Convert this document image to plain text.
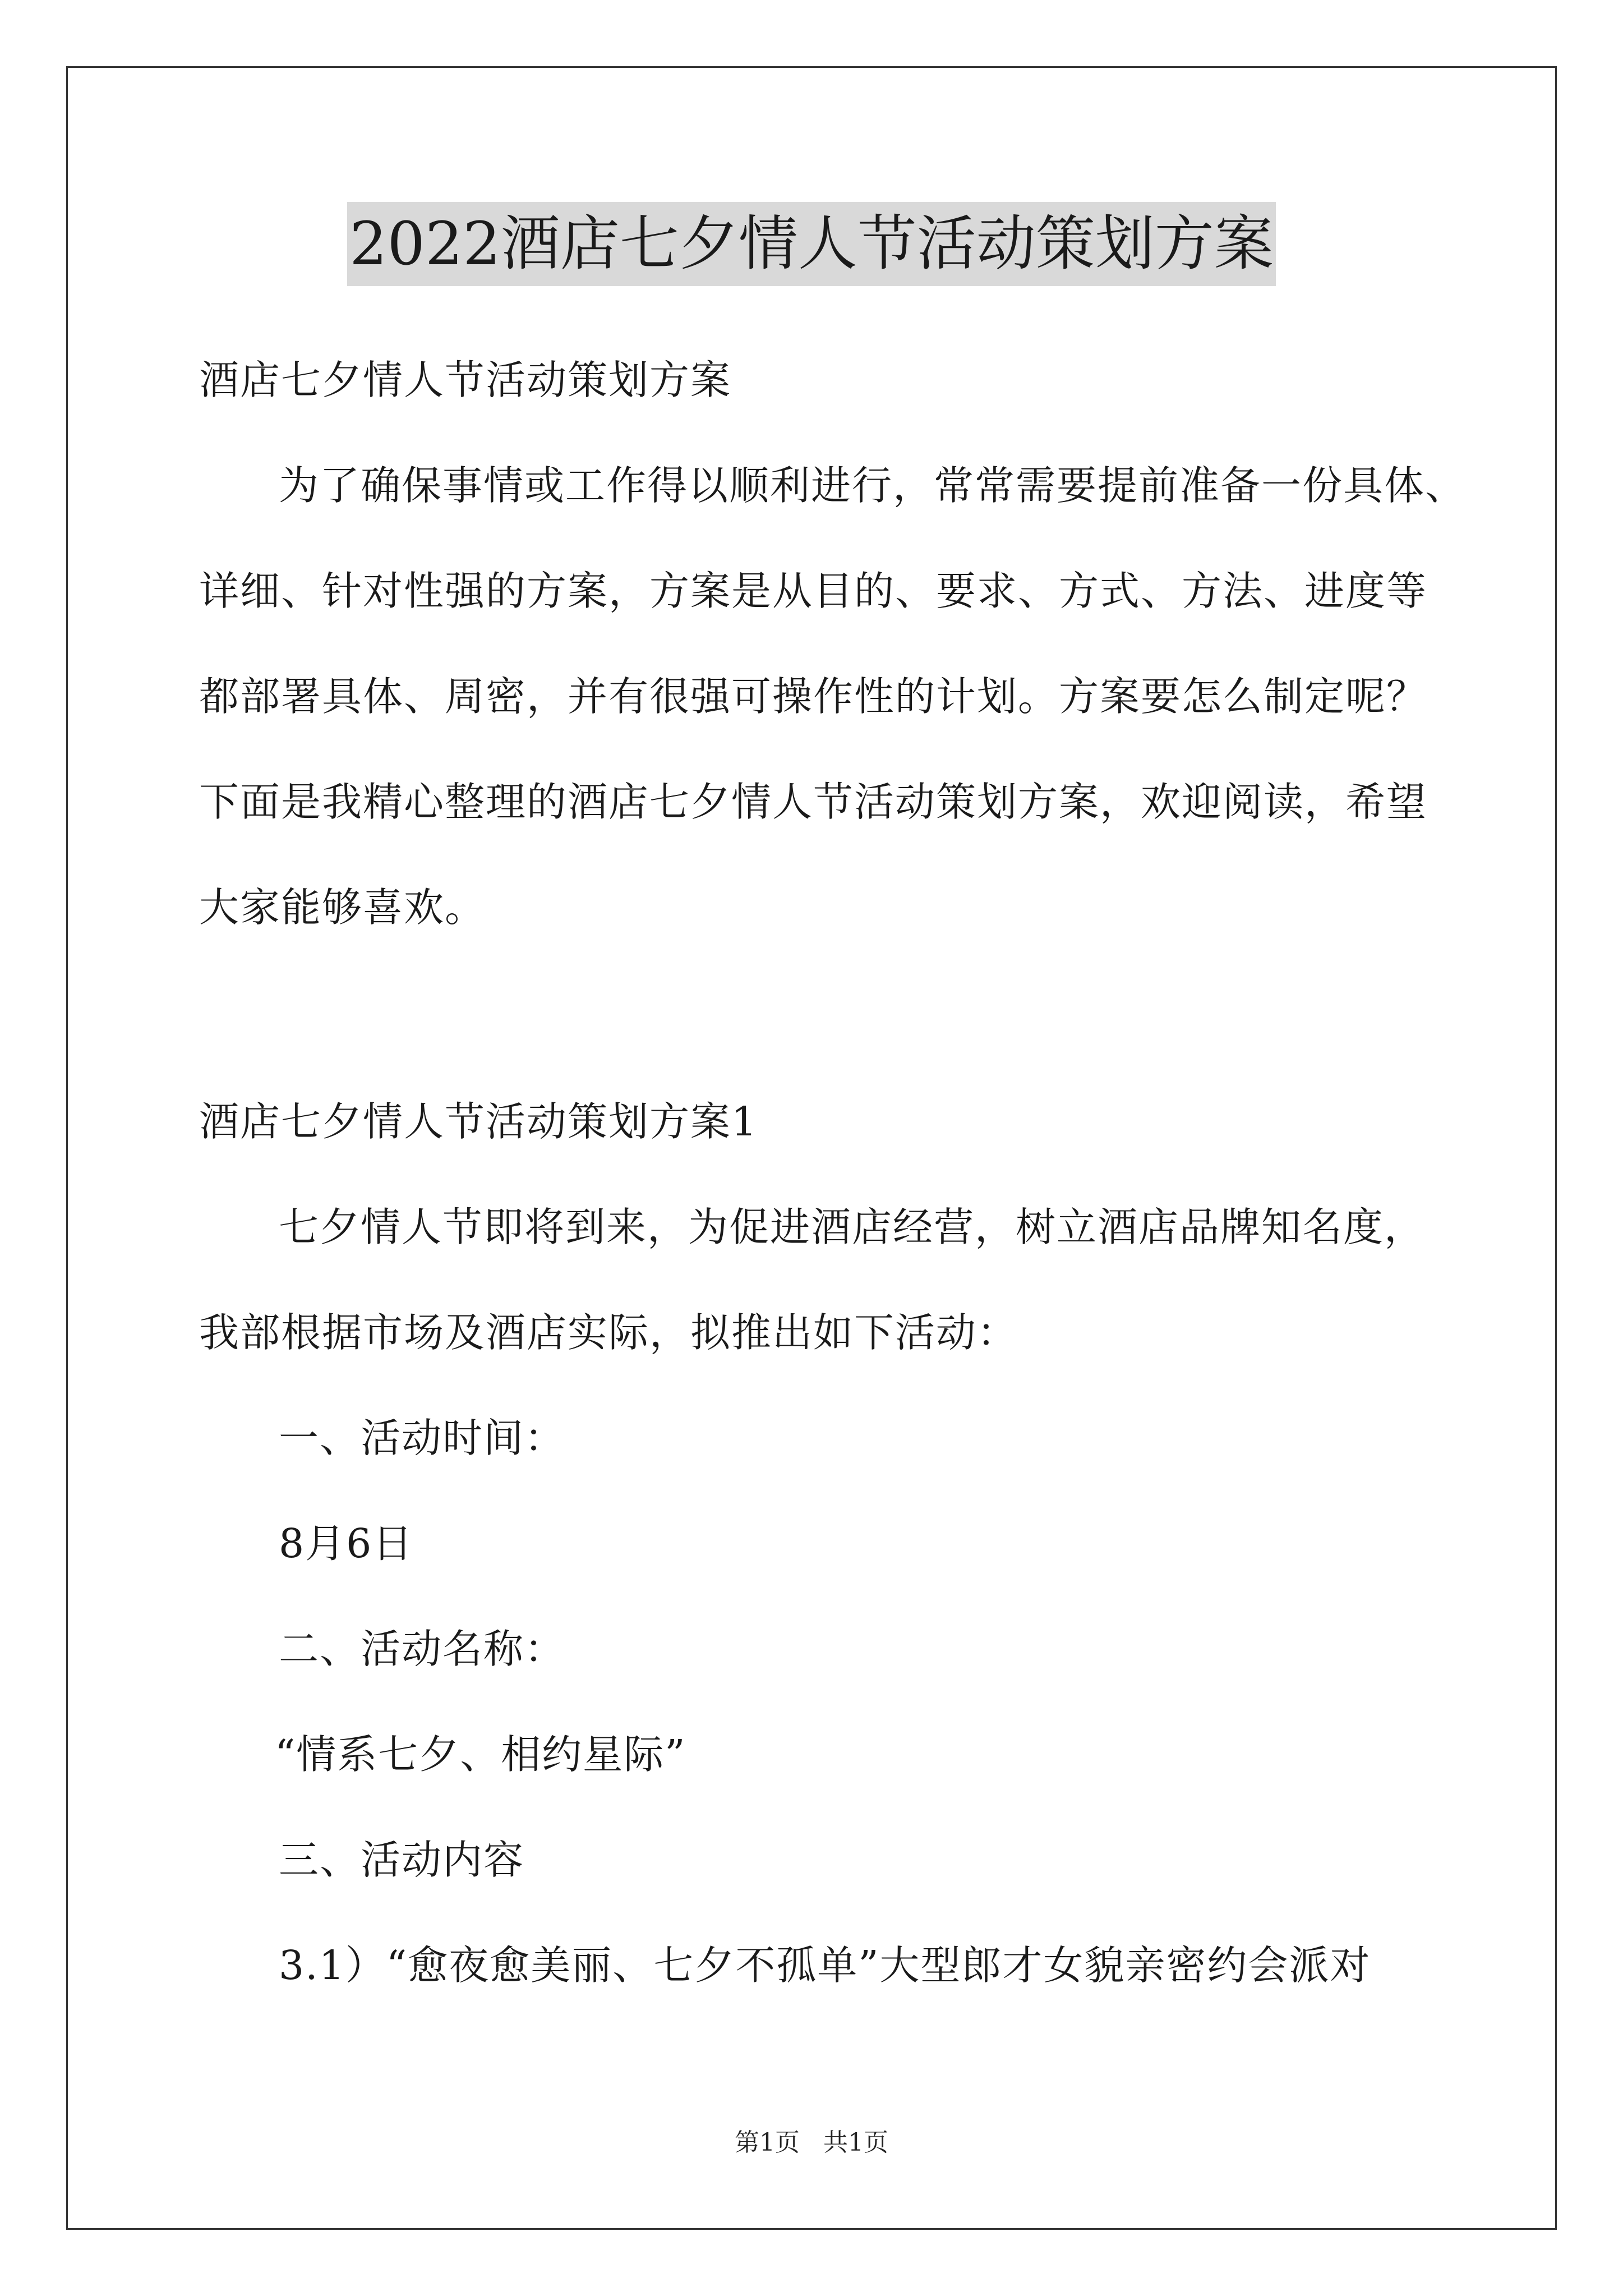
2022酒店七夕情人节活动策划方案
酒店七夕情人节活动策划方案
为了确保事情或工作得以顺利进行，常常需要提前准备一份具体、
详细、针对性强的方案，方案是从目的、要求、方式、方法、进度等
都部署具体、周密，并有很强可操作性的计划。方案要怎么制定呢？
下面是我精心整理的酒店七夕情人节活动策划方案，欢迎阅读，希望
大家能够喜欢。
酒店七夕情人节活动策划方案1
七夕情人节即将到来，为促进酒店经营，树立酒店品牌知名度，
我部根据市场及酒店实际，拟推出如下活动：
一、活动时间：
8月6日
二、活动名称：
“情系七夕、相约星际”
三、活动内容
3.1）“愈夜愈美丽、七夕不孤单”大型郎才女貌亲密约会派对
第1页 共1页
